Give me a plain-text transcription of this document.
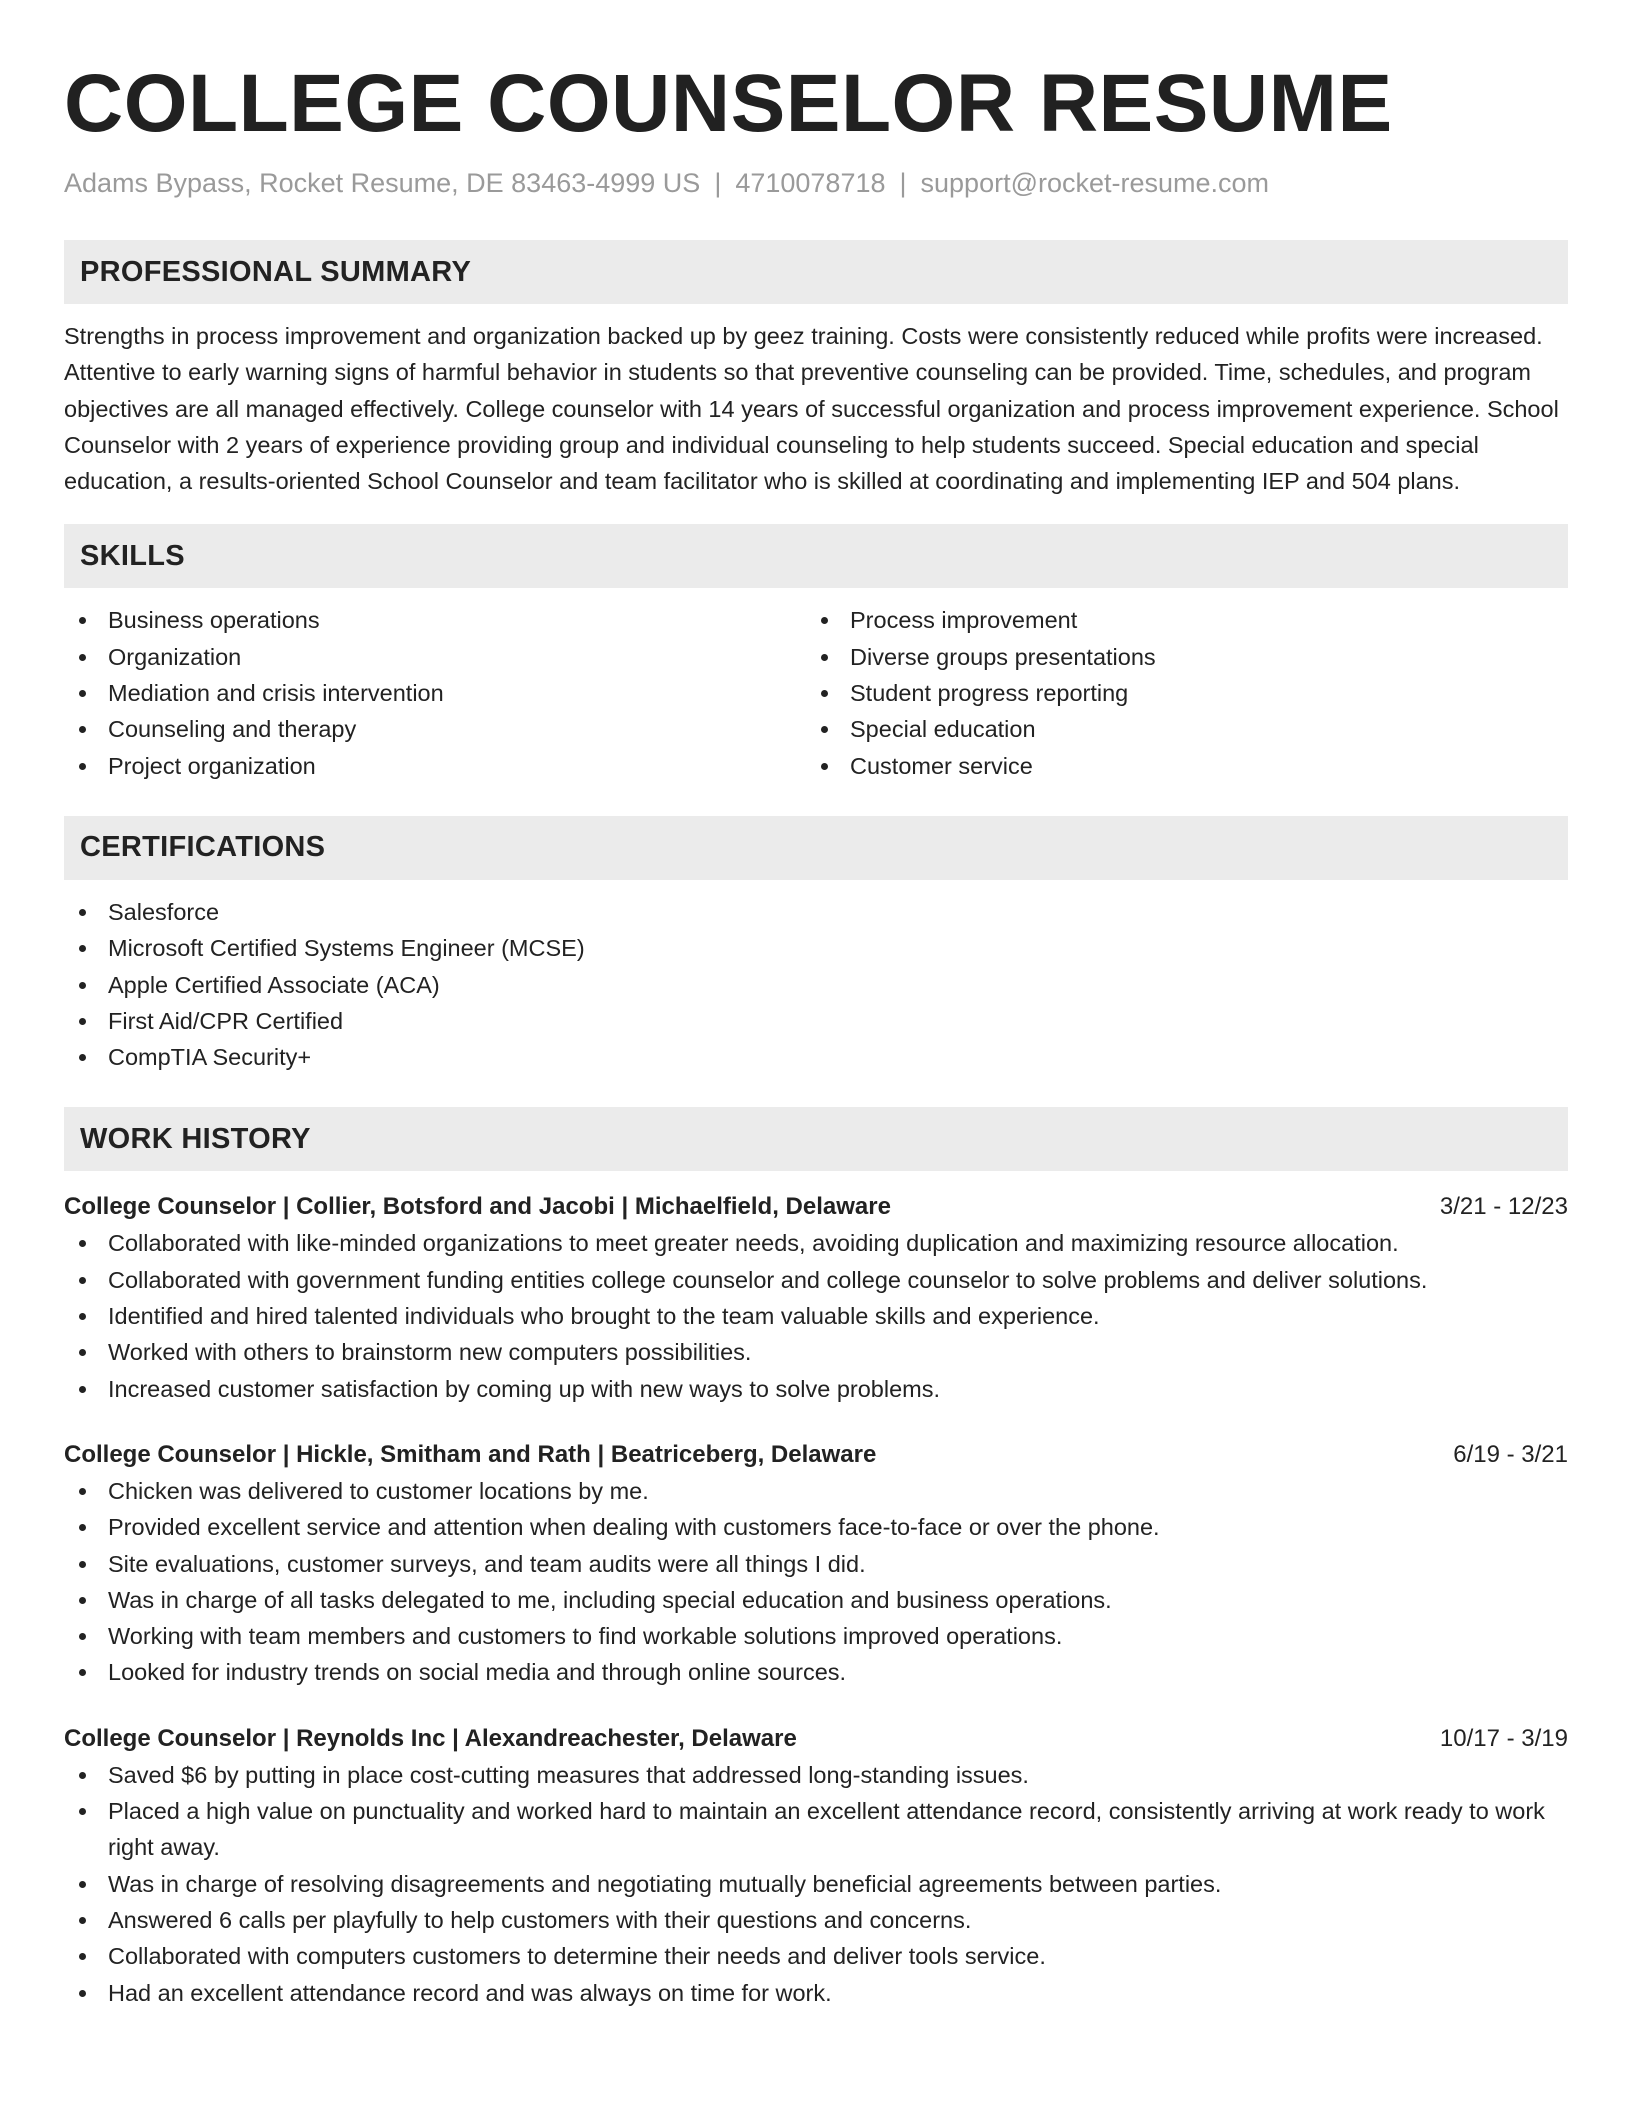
COLLEGE COUNSELOR RESUME
Adams Bypass, Rocket Resume, DE 83463-4999 US | 4710078718 | support@rocket-resume.com
PROFESSIONAL SUMMARY

Strengths in process improvement and organization backed up by geez training. Costs were consistently reduced while profits were increased. Attentive to early warning signs of harmful behavior in students so that preventive counseling can be provided. Time, schedules, and program objectives are all managed effectively. College counselor with 14 years of successful organization and process improvement experience. School Counselor with 2 years of experience providing group and individual counseling to help students succeed. Special education and special education, a results-oriented School Counselor and team facilitator who is skilled at coordinating and implementing IEP and 504 plans.

SKILLS
Business operations
Organization
Mediation and crisis intervention
Counseling and therapy
Project organization
Process improvement
Diverse groups presentations
Student progress reporting
Special education
Customer service
CERTIFICATIONS
Salesforce
Microsoft Certified Systems Engineer (MCSE)
Apple Certified Associate (ACA)
First Aid/CPR Certified
CompTIA Security+
WORK HISTORY
College Counselor | Collier, Botsford and Jacobi | Michaelfield, Delaware	3/21 - 12/23
Collaborated with like-minded organizations to meet greater needs, avoiding duplication and maximizing resource allocation.
Collaborated with government funding entities college counselor and college counselor to solve problems and deliver solutions.
Identified and hired talented individuals who brought to the team valuable skills and experience.
Worked with others to brainstorm new computers possibilities.
Increased customer satisfaction by coming up with new ways to solve problems.
College Counselor | Hickle, Smitham and Rath | Beatriceberg, Delaware	6/19 - 3/21
Chicken was delivered to customer locations by me.
Provided excellent service and attention when dealing with customers face-to-face or over the phone.
Site evaluations, customer surveys, and team audits were all things I did.
Was in charge of all tasks delegated to me, including special education and business operations.
Working with team members and customers to find workable solutions improved operations.
Looked for industry trends on social media and through online sources.
College Counselor | Reynolds Inc | Alexandreachester, Delaware	10/17 - 3/19
Saved $6 by putting in place cost-cutting measures that addressed long-standing issues.
Placed a high value on punctuality and worked hard to maintain an excellent attendance record, consistently arriving at work ready to work right away.
Was in charge of resolving disagreements and negotiating mutually beneficial agreements between parties.
Answered 6 calls per playfully to help customers with their questions and concerns.
Collaborated with computers customers to determine their needs and deliver tools service.
Had an excellent attendance record and was always on time for work.
